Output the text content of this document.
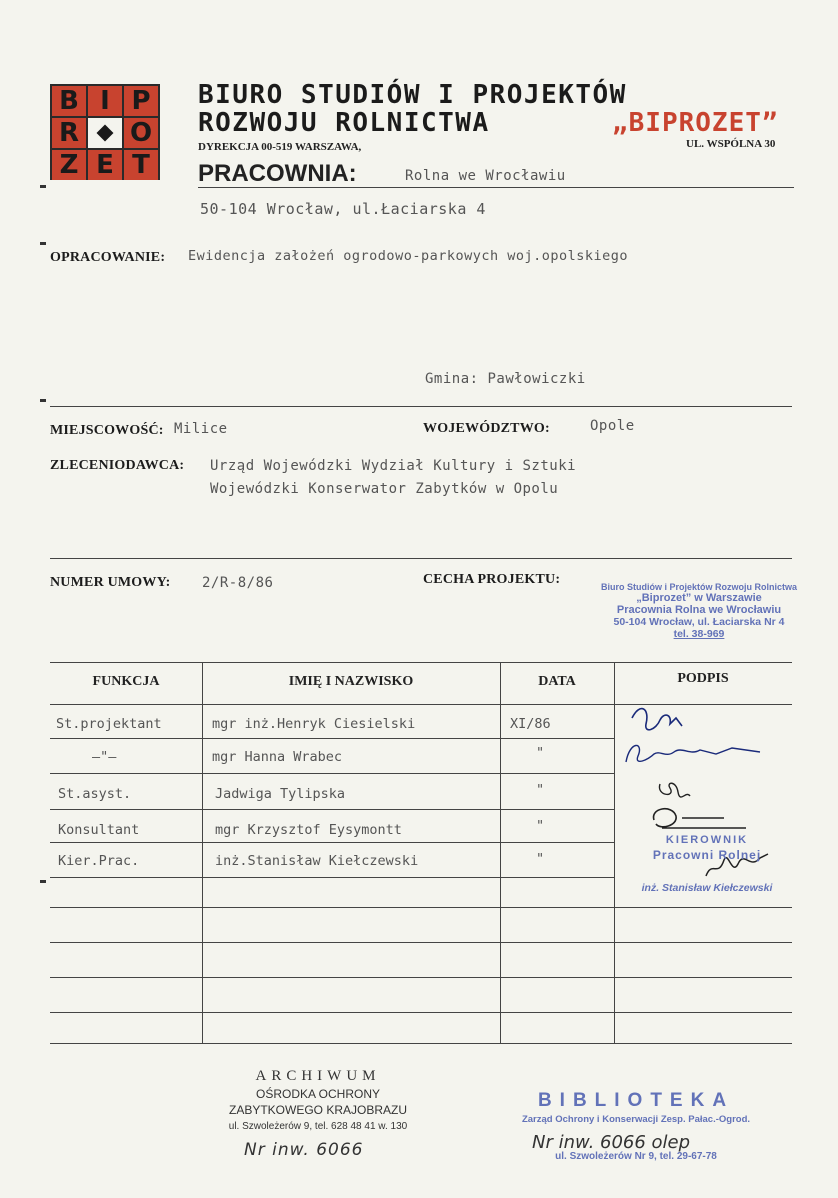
B I P
R O
Z E T
BIURO STUDIÓW I PROJEKTÓW
ROZWOJU ROLNICTWA	„BIPROZET”
DYREKCJA 00-519 WARSZAWA,	UL. WSPÓLNA 30
PRACOWNIA:	Rolna we Wrocławiu
50-104 Wrocław, ul.Łaciarska 4
OPRACOWANIE: Ewidencja założeń ogrodowo-parkowych woj.opolskiego
Gmina: Pawłowiczki
MIEJSCOWOŚĆ: Milice	WOJEWÓDZTWO:	Opole
ZLECENIODAWCA: Urząd Wojewódzki Wydział Kultury i Sztuki
Wojewódzki Konserwator Zabytków w Opolu
NUMER UMOWY: 2/R-8/86	CECHA PROJEKTU:	Biuro Studiów i Projektów Rozwoju Rolnictwa
„Biprozet” w Warszawie
Pracownia Rolna we Wrocławiu
50-104 Wrocław, ul. Łaciarska Nr 4
tel. 38-969
FUNKCJA	IMIĘ I NAZWISKO	DATA	PODPIS
St.projektant	mgr inż.Henryk Ciesielski	XI/86
–"–	mgr Hanna Wrabec	"
St.asyst.	Jadwiga Tylipska	"
Konsultant	mgr Krzysztof Eysymontt	"
Kier.Prac.	inż.Stanisław Kiełczewski	"
KIEROWNIK
Pracowni Rolnej
inż. Stanisław Kiełczewski
ARCHIWUM
OŚRODKA OCHRONY
ZABYTKOWEGO KRAJOBRAZU
ul. Szwoleżerów 9, tel. 628 48 41 w. 130
Nr inw. 6066
BIBLIOTEKA
Zarząd Ochrony i Konserwacji Zesp. Pałac.-Ogrod.
ul. Szwoleżerów Nr 9, tel. 29-67-78
Nr inw. 6066 olep
